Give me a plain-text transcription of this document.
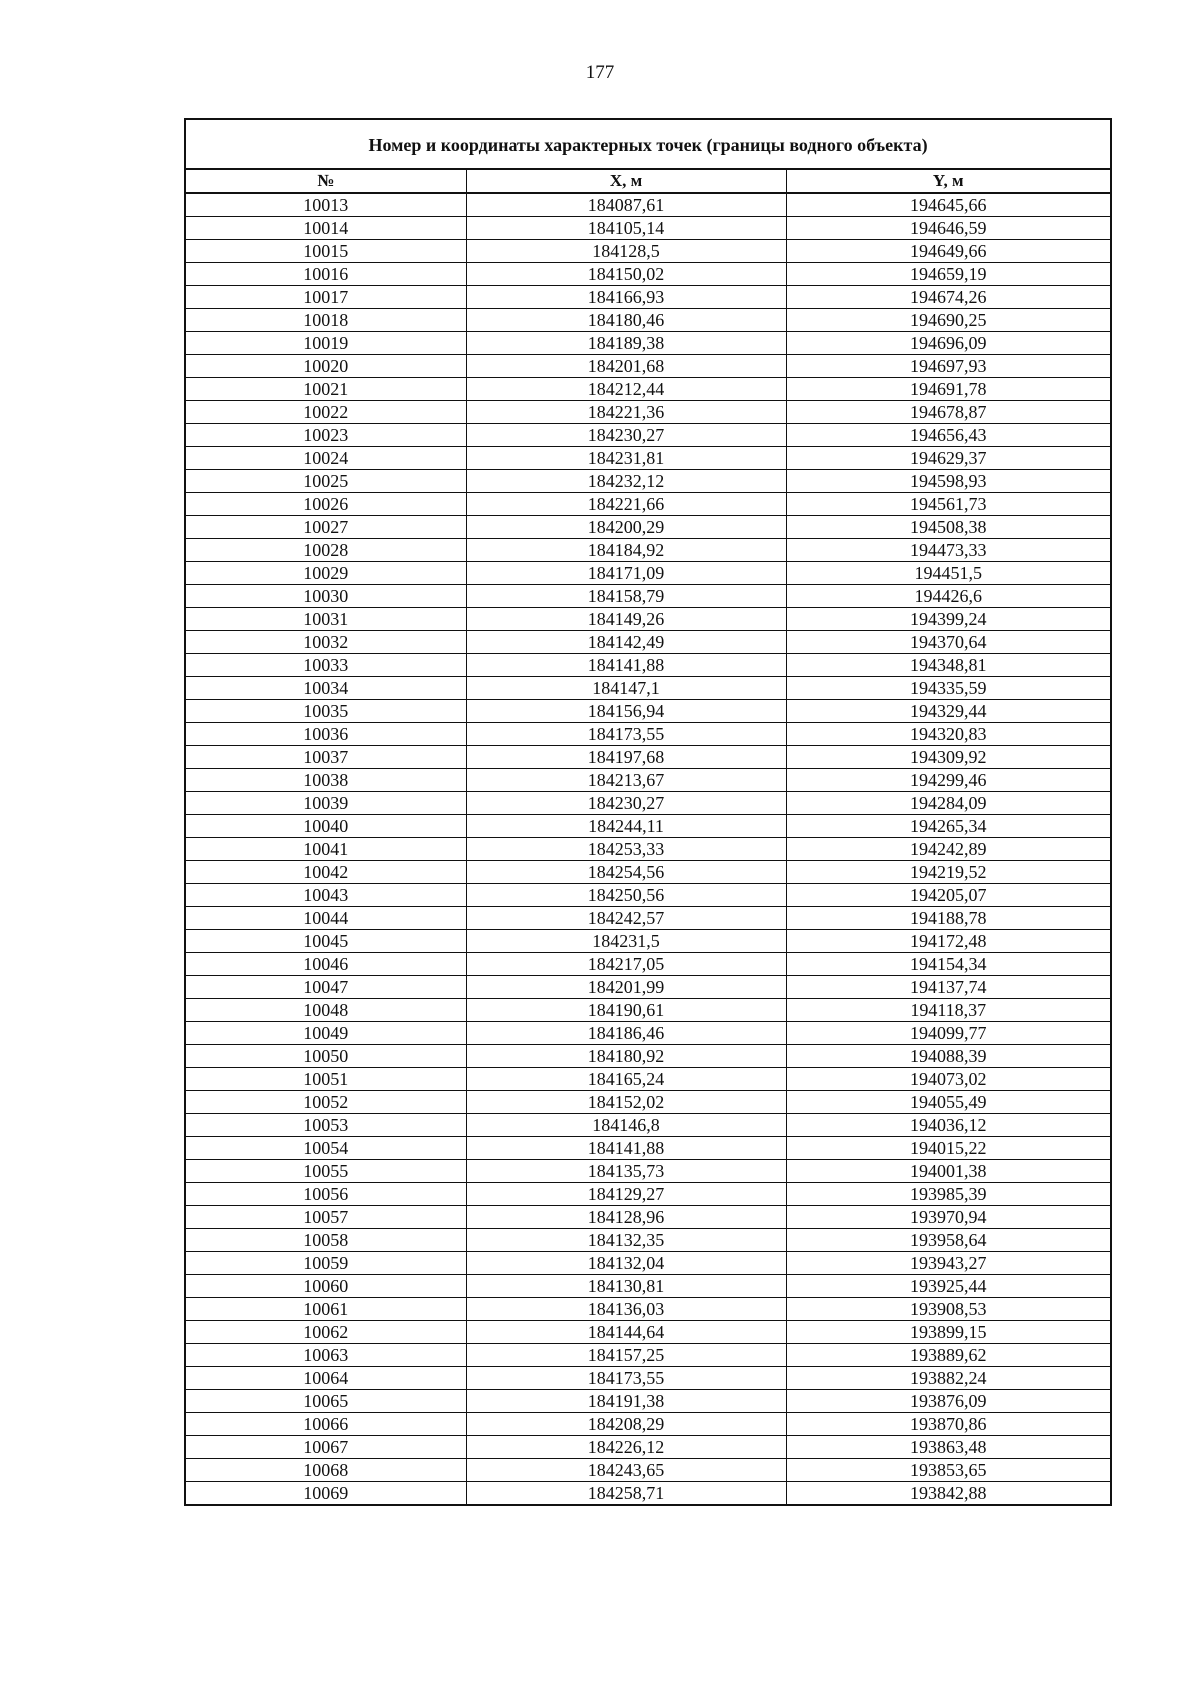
177
Номер и координаты характерных точек (границы водного объекта)
№	X, м	Y, м
10013	184087,61	194645,66
10014	184105,14	194646,59
10015	184128,5	194649,66
10016	184150,02	194659,19
10017	184166,93	194674,26
10018	184180,46	194690,25
10019	184189,38	194696,09
10020	184201,68	194697,93
10021	184212,44	194691,78
10022	184221,36	194678,87
10023	184230,27	194656,43
10024	184231,81	194629,37
10025	184232,12	194598,93
10026	184221,66	194561,73
10027	184200,29	194508,38
10028	184184,92	194473,33
10029	184171,09	194451,5
10030	184158,79	194426,6
10031	184149,26	194399,24
10032	184142,49	194370,64
10033	184141,88	194348,81
10034	184147,1	194335,59
10035	184156,94	194329,44
10036	184173,55	194320,83
10037	184197,68	194309,92
10038	184213,67	194299,46
10039	184230,27	194284,09
10040	184244,11	194265,34
10041	184253,33	194242,89
10042	184254,56	194219,52
10043	184250,56	194205,07
10044	184242,57	194188,78
10045	184231,5	194172,48
10046	184217,05	194154,34
10047	184201,99	194137,74
10048	184190,61	194118,37
10049	184186,46	194099,77
10050	184180,92	194088,39
10051	184165,24	194073,02
10052	184152,02	194055,49
10053	184146,8	194036,12
10054	184141,88	194015,22
10055	184135,73	194001,38
10056	184129,27	193985,39
10057	184128,96	193970,94
10058	184132,35	193958,64
10059	184132,04	193943,27
10060	184130,81	193925,44
10061	184136,03	193908,53
10062	184144,64	193899,15
10063	184157,25	193889,62
10064	184173,55	193882,24
10065	184191,38	193876,09
10066	184208,29	193870,86
10067	184226,12	193863,48
10068	184243,65	193853,65
10069	184258,71	193842,88
